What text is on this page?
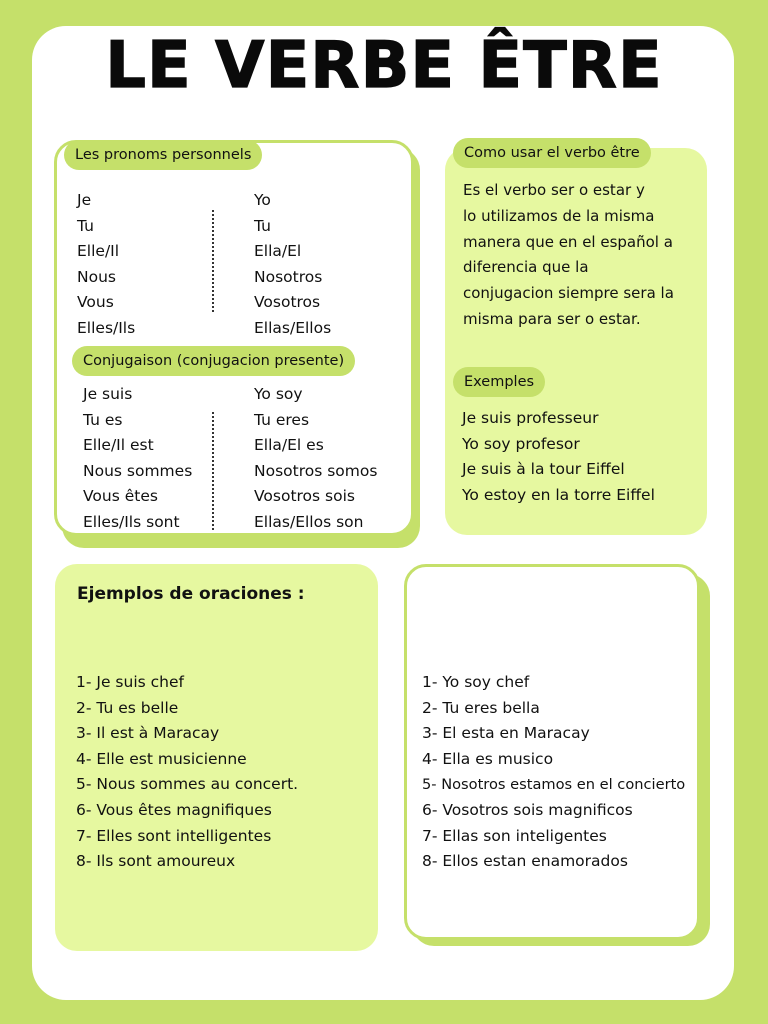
LE VERBE ÊTRE
Les pronoms personnels
Je
Tu
Elle/Il
Nous
Vous
Elles/Ils
Yo
Tu
Ella/El
Nosotros
Vosotros
Ellas/Ellos
Conjugaison (conjugacion presente)
Je suis
Tu es
Elle/Il est
Nous sommes
Vous êtes
Elles/Ils sont
Yo soy
Tu eres
Ella/El es
Nosotros somos
Vosotros sois
Ellas/Ellos son
Como usar el verbo être
Es el verbo ser o estar y
lo utilizamos de la misma
manera que en el español a
diferencia que la
conjugacion siempre sera la
misma para ser o estar.
Exemples
Je suis professeur
Yo soy profesor
Je suis à la tour Eiffel
Yo estoy en la torre Eiffel
Ejemplos de oraciones :
1- Je suis chef
2- Tu es belle
3- Il est à Maracay
4- Elle est musicienne
5- Nous sommes au concert.
6- Vous êtes magnifiques
7- Elles sont intelligentes
8- Ils sont amoureux
1- Yo soy chef
2- Tu eres bella
3- El esta en Maracay
4- Ella es musico
5- Nosotros estamos en el concierto
6- Vosotros sois magnificos
7- Ellas son inteligentes
8- Ellos estan enamorados
